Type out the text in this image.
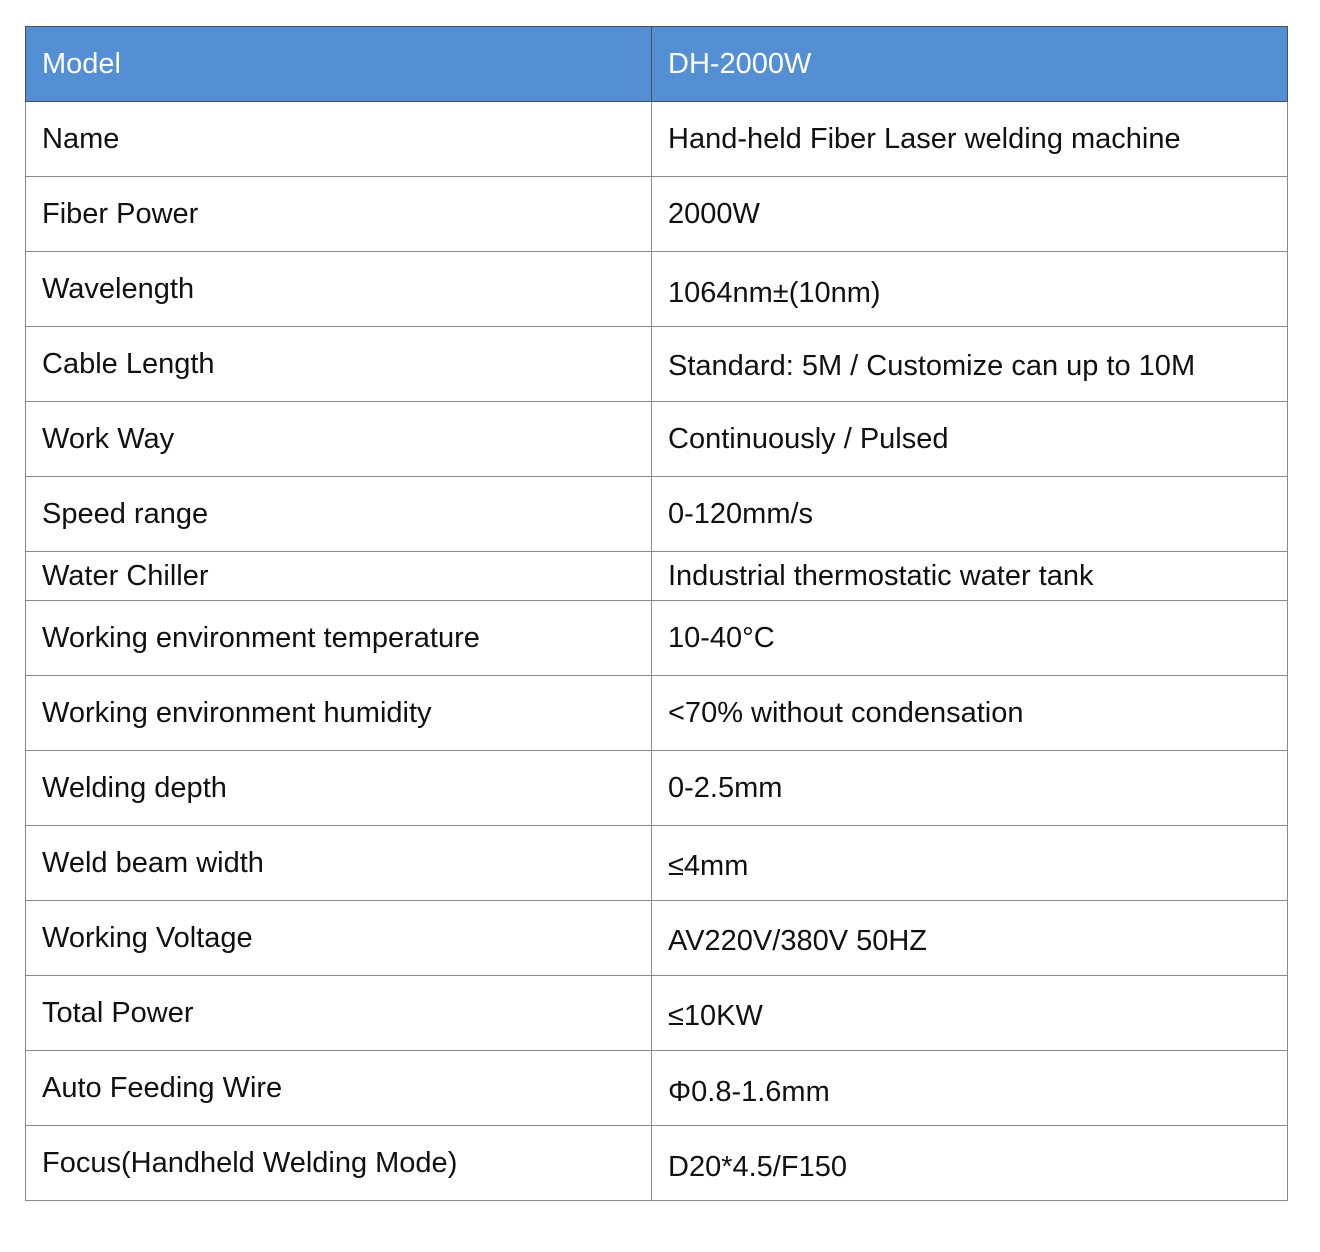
Model	DH-2000W
Name	Hand-held Fiber Laser welding machine
Fiber Power	2000W
Wavelength	1064nm±(10nm)
Cable Length	Standard: 5M / Customize can up to 10M
Work Way	Continuously / Pulsed
Speed range	0-120mm/s
Water Chiller	Industrial thermostatic water tank
Working environment temperature	10-40°C
Working environment humidity	<70% without condensation
Welding depth	0-2.5mm
Weld beam width	≤4mm
Working Voltage	AV220V/380V 50HZ
Total Power	≤10KW
Auto Feeding Wire	Φ0.8-1.6mm
Focus(Handheld Welding Mode)	D20*4.5/F150
